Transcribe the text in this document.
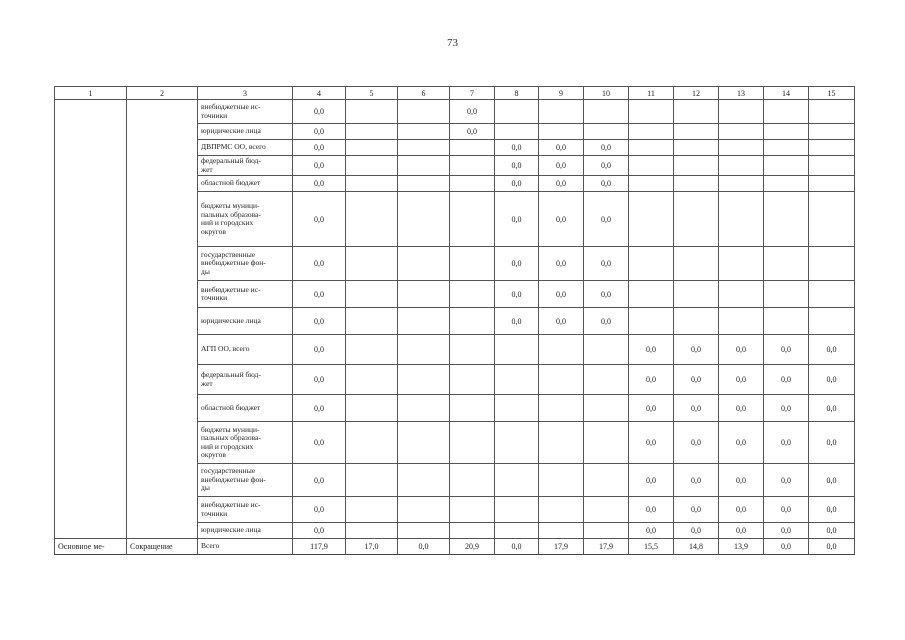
73
1	2	3	4	5	6	7	8	9	10	11	12	13	14	15
		внебюджетные ис-
точники	0,0			0,0								
		юридические лица	0,0			0,0								
		ДВПРМС ОО, всего	0,0				0,0	0,0	0,0					
		федеральный бюд-
жет	0,0				0,0	0,0	0,0					
		областной бюджет	0,0				0,0	0,0	0,0					
		бюджеты муници-
пальных образова-
ний и городских
округов	0,0				0,0	0,0	0,0					
		государственные
внебюджетные фон-
ды	0,0				0,0	0,0	0,0					
		внебюджетные ис-
точники	0,0				0,0	0,0	0,0					
		юридические лица	0,0				0,0	0,0	0,0					
		АГП ОО, всего	0,0							0,0	0,0	0,0	0,0	0,0
		федеральный бюд-
жет	0,0							0,0	0,0	0,0	0,0	0,0
		областной бюджет	0,0							0,0	0,0	0,0	0,0	0,0
		бюджеты муници-
пальных образова-
ний и городских
округов	0,0							0,0	0,0	0,0	0,0	0,0
		государственные
внебюджетные фон-
ды	0,0							0,0	0,0	0,0	0,0	0,0
		внебюджетные ис-
точники	0,0							0,0	0,0	0,0	0,0	0,0
		юридические лица	0,0							0,0	0,0	0,0	0,0	0,0
Основное ме-	Сокращение	Всего	117,9	17,0	0,0	20,9	0,0	17,9	17,9	15,5	14,8	13,9	0,0	0,0
